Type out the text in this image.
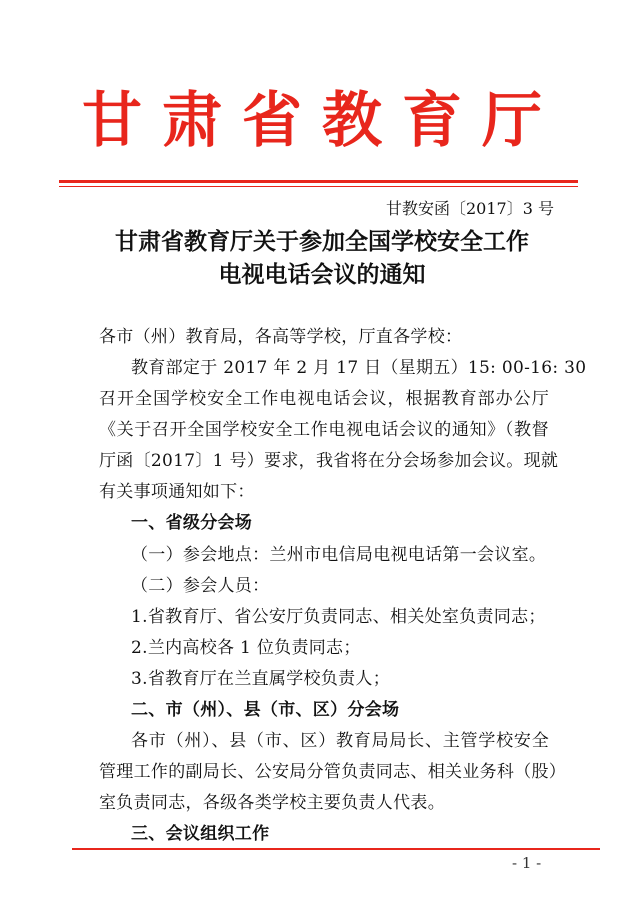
甘肃省教育厅
甘教安函〔2017〕3 号
甘肃省教育厅关于参加全国学校安全工作
电视电话会议的通知
各市（州）教育局，各高等学校，厅直各学校：
教育部定于 2017 年 2 月 17 日（星期五）15: 00-16: 30
召开全国学校安全工作电视电话会议，根据教育部办公厅
《关于召开全国学校安全工作电视电话会议的通知》（教督
厅函〔2017〕1 号）要求，我省将在分会场参加会议。现就
有关事项通知如下：
一、省级分会场
（一）参会地点：兰州市电信局电视电话第一会议室。
（二）参会人员：
1.省教育厅、省公安厅负责同志、相关处室负责同志；
2.兰内高校各 1 位负责同志；
3.省教育厅在兰直属学校负责人；
二、市（州）、县（市、区）分会场
各市（州）、县（市、区）教育局局长、主管学校安全
管理工作的副局长、公安局分管负责同志、相关业务科（股）
室负责同志，各级各类学校主要负责人代表。
三、会议组织工作
- 1 -
